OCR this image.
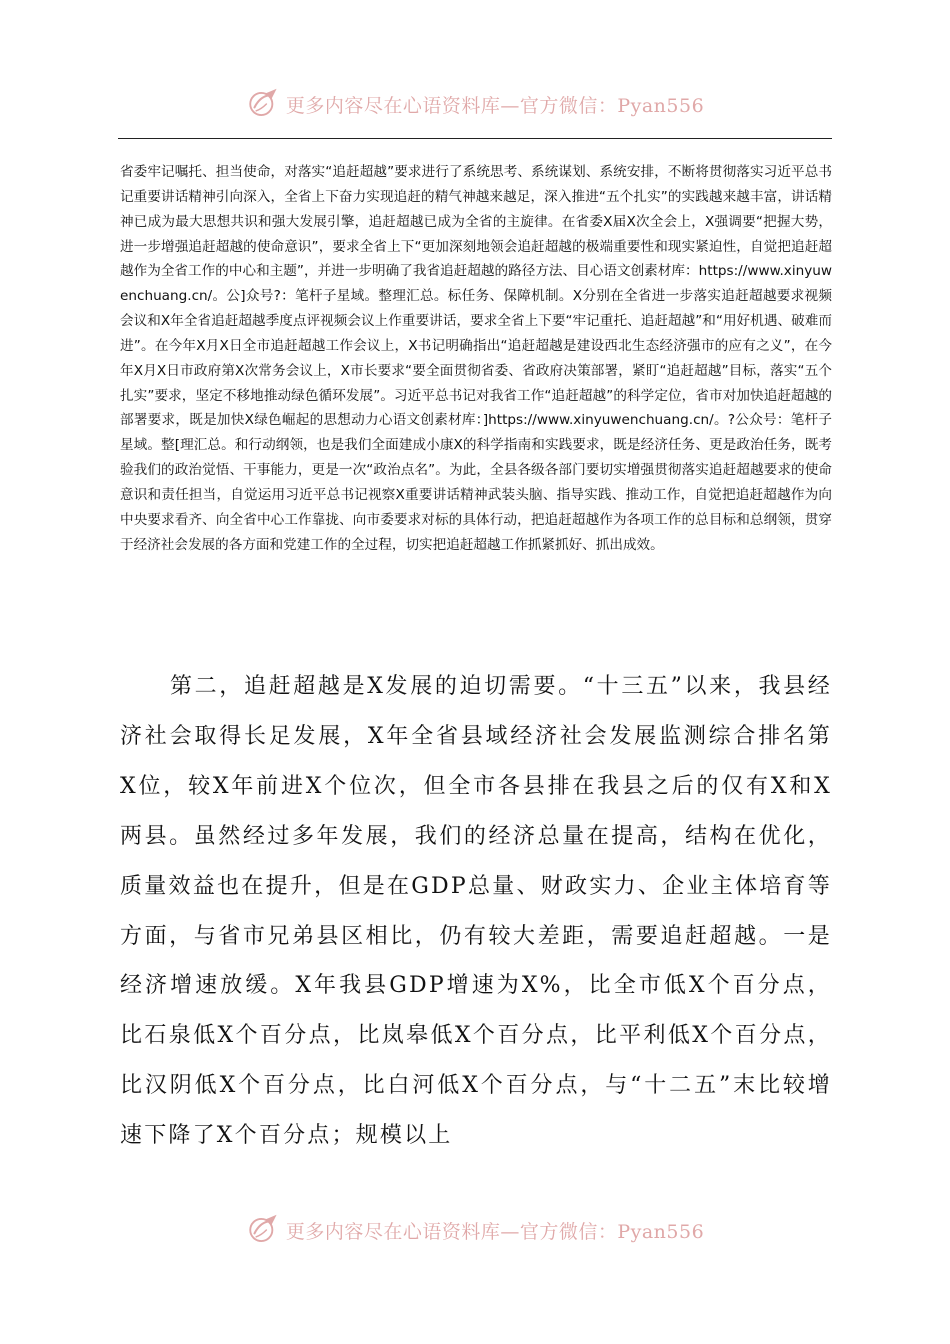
更多内容尽在心语资料库—官方微信：Pyan556

省委牢记嘱托、担当使命，对落实“追赶超越”要求进行了系统思考、系统谋划、系统安排，不断将贯彻落实习近平总书记重要讲话精神引向深入，全省上下奋力实现追赶的精气神越来越足，深入推进“五个扎实”的实践越来越丰富，讲话精神已成为最大思想共识和强大发展引擎，追赶超越已成为全省的主旋律。在省委X届X次全会上，X强调要“把握大势，进一步增强追赶超越的使命意识”，要求全省上下“更加深刻地领会追赶超越的极端重要性和现实紧迫性，自觉把追赶超越作为全省工作的中心和主题”，并进一步明确了我省追赶超越的路径方法、目心语文创素材库：https://www.xinyuwenchuang.cn/。公]众号?：笔杆子星域。整理汇总。标任务、保障机制。X分别在全省进一步落实追赶超越要求视频会议和X年全省追赶超越季度点评视频会议上作重要讲话，要求全省上下要“牢记重托、追赶超越”和“用好机遇、破难而进”。在今年X月X日全市追赶超越工作会议上，X书记明确指出“追赶超越是建设西北生态经济强市的应有之义”，在今年X月X日市政府第X次常务会议上，X市长要求“要全面贯彻省委、省政府决策部署，紧盯“追赶超越”目标，落实“五个扎实”要求，坚定不移地推动绿色循环发展”。习近平总书记对我省工作“追赶超越”的科学定位，省市对加快追赶超越的部署要求，既是加快X绿色崛起的思想动力心语文创素材库：]https://www.xinyuwenchuang.cn/。?公众号：笔杆子星域。整[理汇总。和行动纲领，也是我们全面建成小康X的科学指南和实践要求，既是经济任务、更是政治任务，既考验我们的政治觉悟、干事能力，更是一次“政治点名”。为此，全县各级各部门要切实增强贯彻落实追赶超越要求的使命意识和责任担当，自觉运用习近平总书记视察X重要讲话精神武装头脑、指导实践、推动工作，自觉把追赶超越作为向中央要求看齐、向全省中心工作靠拢、向市委要求对标的具体行动，把追赶超越作为各项工作的总目标和总纲领，贯穿于经济社会发展的各方面和党建工作的全过程，切实把追赶超越工作抓紧抓好、抓出成效。

第二，追赶超越是X发展的迫切需要。“十三五”以来，我县经济社会取得长足发展，X年全省县域经济社会发展监测综合排名第X位，较X年前进X个位次，但全市各县排在我县之后的仅有X和X两县。虽然经过多年发展，我们的经济总量在提高，结构在优化，质量效益也在提升，但是在GDP总量、财政实力、企业主体培育等方面，与省市兄弟县区相比，仍有较大差距，需要追赶超越。一是经济增速放缓。X年我县GDP增速为X%，比全市低X个百分点，比石泉低X个百分点，比岚皋低X个百分点，比平利低X个百分点，比汉阴低X个百分点，比白河低X个百分点，与“十二五”末比较增速下降了X个百分点；规模以上

更多内容尽在心语资料库—官方微信：Pyan556
